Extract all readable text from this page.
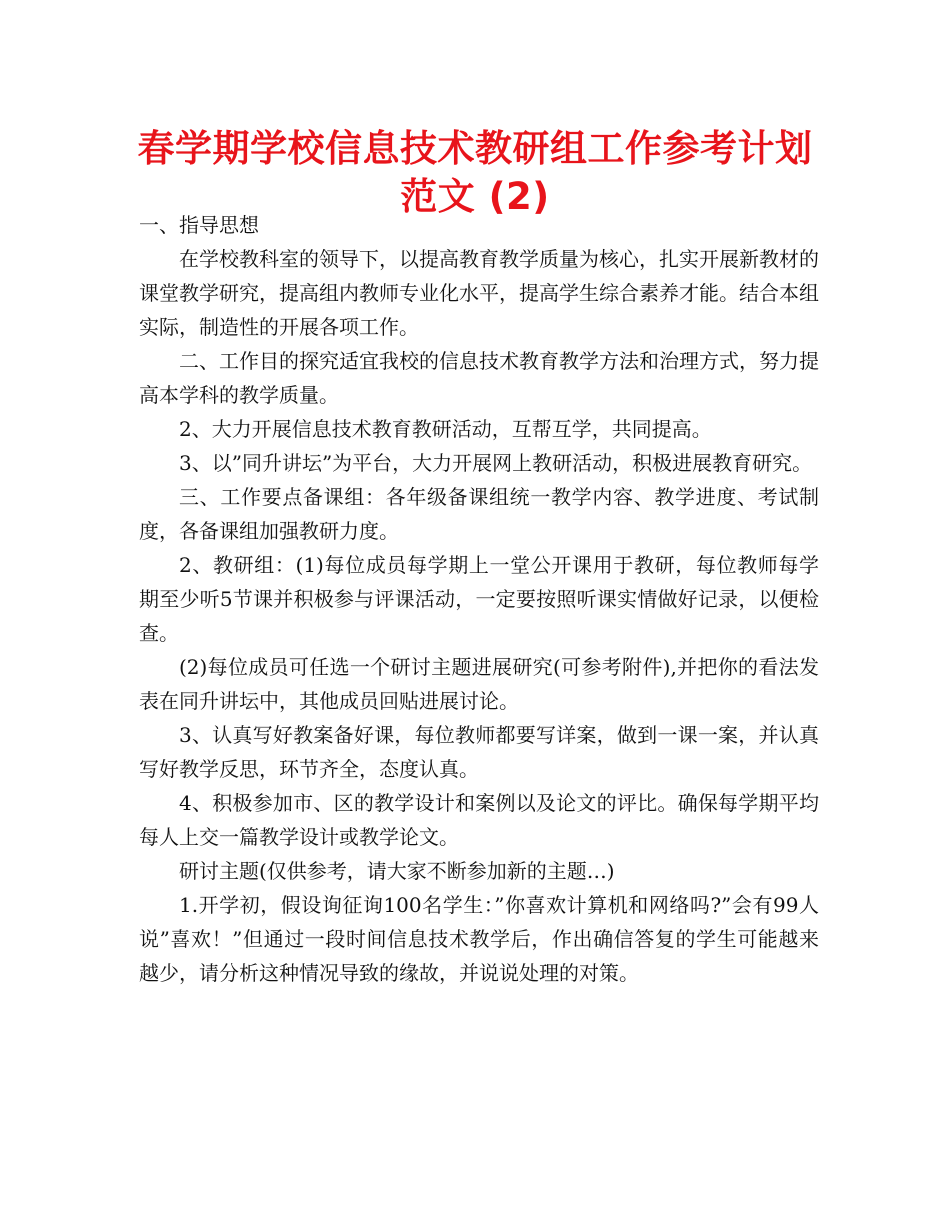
春学期学校信息技术教研组工作参考计划
范文 (2)

一、指导思想

在学校教科室的领导下，以提高教育教学质量为核心，扎实开展新教材的课堂教学研究，提高组内教师专业化水平，提高学生综合素养才能。结合本组实际，制造性的开展各项工作。

二、工作目的探究适宜我校的信息技术教育教学方法和治理方式，努力提高本学科的教学质量。

2、大力开展信息技术教育教研活动，互帮互学，共同提高。

3、以”同升讲坛”为平台，大力开展网上教研活动，积极进展教育研究。

三、工作要点备课组：各年级备课组统一教学内容、教学进度、考试制度，各备课组加强教研力度。

2、教研组：(1)每位成员每学期上一堂公开课用于教研，每位教师每学期至少听5节课并积极参与评课活动，一定要按照听课实情做好记录，以便检查。

(2)每位成员可任选一个研讨主题进展研究(可参考附件),并把你的看法发表在同升讲坛中，其他成员回贴进展讨论。

3、认真写好教案备好课，每位教师都要写详案，做到一课一案，并认真写好教学反思，环节齐全，态度认真。

4、积极参加市、区的教学设计和案例以及论文的评比。确保每学期平均每人上交一篇教学设计或教学论文。

研讨主题(仅供参考，请大家不断参加新的主题…)

1.开学初，假设询征询100名学生：”你喜欢计算机和网络吗?”会有99人说”喜欢！”但通过一段时间信息技术教学后，作出确信答复的学生可能越来越少，请分析这种情况导致的缘故，并说说处理的对策。
